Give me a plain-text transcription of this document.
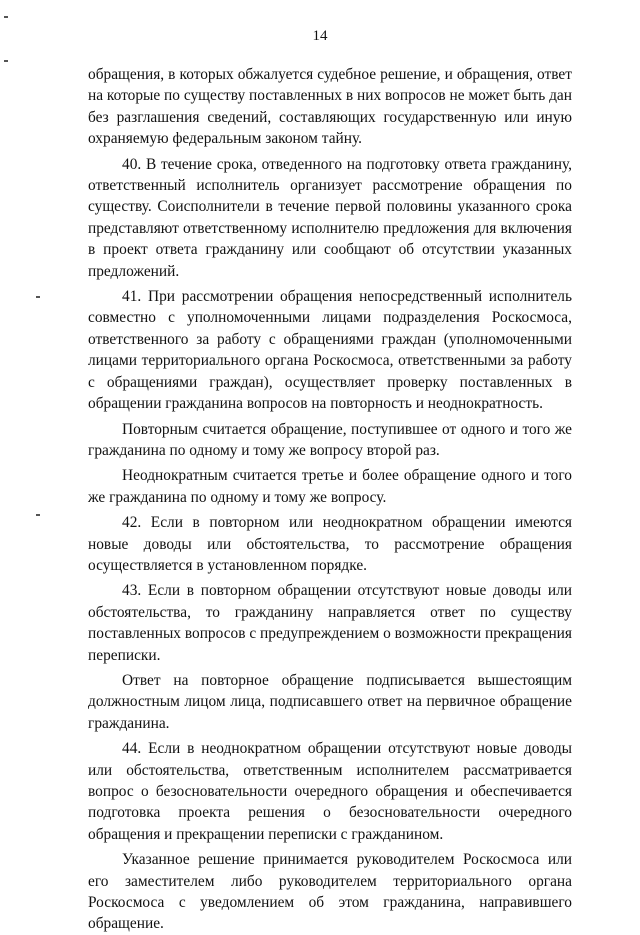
14

обращения, в которых обжалуется судебное решение, и обращения, ответ на которые по существу поставленных в них вопросов не может быть дан без разглашения сведений, составляющих государственную или иную охраняемую федеральным законом тайну.

40. В течение срока, отведенного на подготовку ответа гражданину, ответственный исполнитель организует рассмотрение обращения по существу. Соисполнители в течение первой половины указанного срока представляют ответственному исполнителю предложения для включения в проект ответа гражданину или сообщают об отсутствии указанных предложений.

41. При рассмотрении обращения непосредственный исполнитель совместно с уполномоченными лицами подразделения Роскосмоса, ответственного за работу с обращениями граждан (уполномоченными лицами территориального органа Роскосмоса, ответственными за работу с обращениями граждан), осуществляет проверку поставленных в обращении гражданина вопросов на повторность и неоднократность.

Повторным считается обращение, поступившее от одного и того же гражданина по одному и тому же вопросу второй раз.

Неоднократным считается третье и более обращение одного и того же гражданина по одному и тому же вопросу.

42. Если в повторном или неоднократном обращении имеются новые доводы или обстоятельства, то рассмотрение обращения осуществляется в установленном порядке.

43. Если в повторном обращении отсутствуют новые доводы или обстоятельства, то гражданину направляется ответ по существу поставленных вопросов с предупреждением о возможности прекращения переписки.

Ответ на повторное обращение подписывается вышестоящим должностным лицом лица, подписавшего ответ на первичное обращение гражданина.

44. Если в неоднократном обращении отсутствуют новые доводы или обстоятельства, ответственным исполнителем рассматривается вопрос о безосновательности очередного обращения и обеспечивается подготовка проекта решения о безосновательности очередного обращения и прекращении переписки с гражданином.

Указанное решение принимается руководителем Роскосмоса или его заместителем либо руководителем территориального органа Роскосмоса с уведомлением об этом гражданина, направившего обращение.
